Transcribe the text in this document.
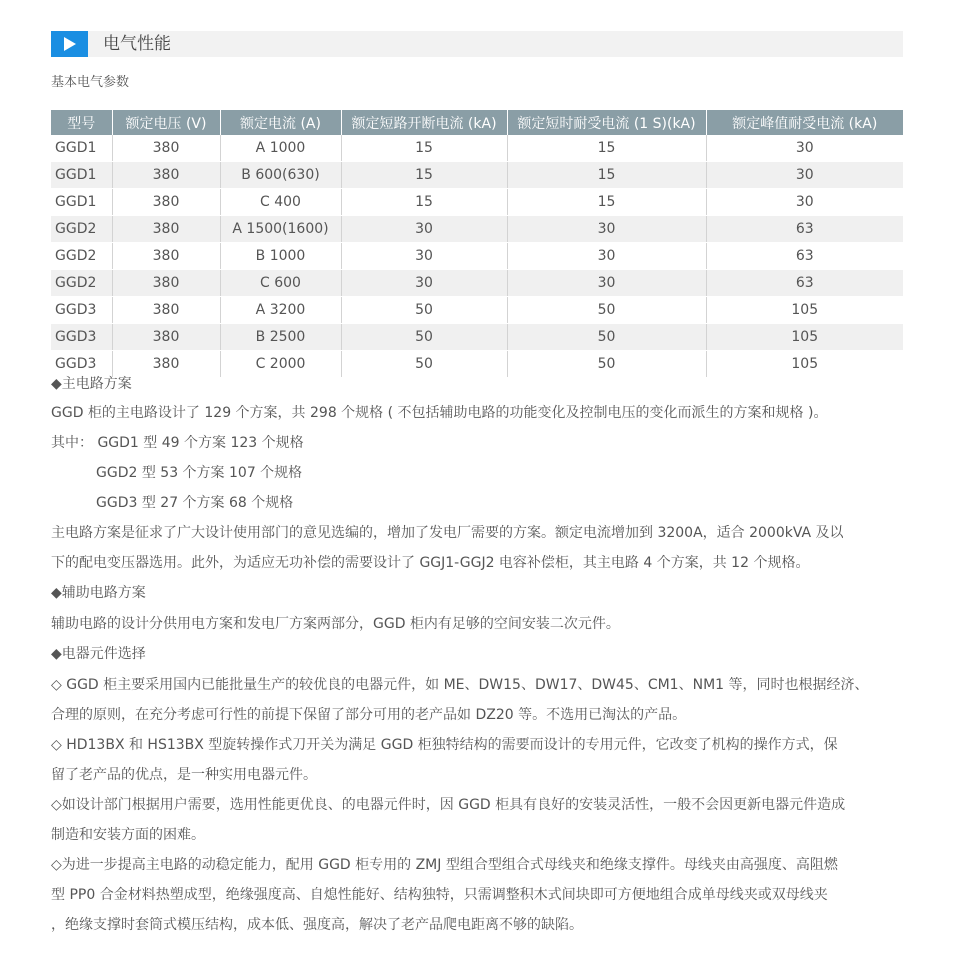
电气性能
基本电气参数
型号	额定电压 (V)	额定电流 (A)	额定短路开断电流 (kA)	额定短时耐受电流 (1 S)(kA)	额定峰值耐受电流 (kA)
GGD1	380	A 1000	15	15	30
GGD1	380	B 600(630)	15	15	30
GGD1	380	C 400	15	15	30
GGD2	380	A 1500(1600)	30	30	63
GGD2	380	B 1000	30	30	63
GGD2	380	C 600	30	30	63
GGD3	380	A 3200	50	50	105
GGD3	380	B 2500	50	50	105
GGD3	380	C 2000	50	50	105
◆主电路方案
GGD 柜的主电路设计了 129 个方案，共 298 个规格 ( 不包括辅助电路的功能变化及控制电压的变化而派生的方案和规格 )。
其中： GGD1 型 49 个方案 123 个规格
GGD2 型 53 个方案 107 个规格
GGD3 型 27 个方案 68 个规格
主电路方案是征求了广大设计使用部门的意见选编的，增加了发电厂需要的方案。额定电流增加到 3200A，适合 2000kVA 及以
下的配电变压器选用。此外，为适应无功补偿的需要设计了 GGJ1-GGJ2 电容补偿柜，其主电路 4 个方案，共 12 个规格。
◆辅助电路方案
辅助电路的设计分供用电方案和发电厂方案两部分，GGD 柜内有足够的空间安装二次元件。
◆电器元件选择
◇ GGD 柜主要采用国内已能批量生产的较优良的电器元件，如 ME、DW15、DW17、DW45、CM1、NM1 等，同时也根据经济、
合理的原则，在充分考虑可行性的前提下保留了部分可用的老产品如 DZ20 等。不选用已淘汰的产品。
◇ HD13BX 和 HS13BX 型旋转操作式刀开关为满足 GGD 柜独特结构的需要而设计的专用元件，它改变了机构的操作方式，保
留了老产品的优点，是一种实用电器元件。
◇如设计部门根据用户需要，选用性能更优良、的电器元件时，因 GGD 柜具有良好的安装灵活性，一般不会因更新电器元件造成
制造和安装方面的困难。
◇为进一步提高主电路的动稳定能力，配用 GGD 柜专用的 ZMJ 型组合型组合式母线夹和绝缘支撑件。母线夹由高强度、高阻燃
型 PP0 合金材料热塑成型，绝缘强度高、自熄性能好、结构独特，只需调整积木式间块即可方便地组合成单母线夹或双母线夹
，绝缘支撑时套筒式模压结构，成本低、强度高，解决了老产品爬电距离不够的缺陷。
